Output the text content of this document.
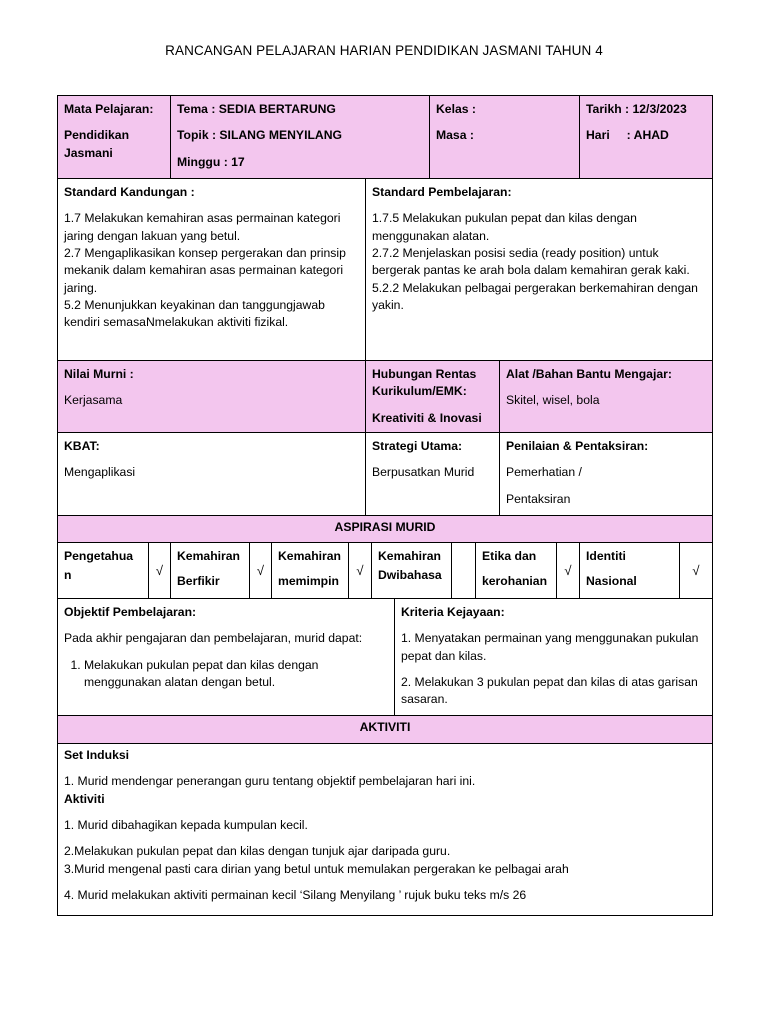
RANCANGAN PELAJARAN HARIAN PENDIDIKAN JASMANI TAHUN 4

Mata Pelajaran:

Pendidikan Jasmani

Tema : SEDIA BERTARUNG

Topik : SILANG MENYILANG

Minggu : 17

Kelas :

Masa :

Tarikh : 12/3/2023

Hari : AHAD

Standard Kandungan :

1.7 Melakukan kemahiran asas permainan kategori jaring dengan lakuan yang betul.

2.7 Mengaplikasikan konsep pergerakan dan prinsip mekanik dalam kemahiran asas permainan kategori jaring.

5.2 Menunjukkan keyakinan dan tanggungjawab kendiri semasaNmelakukan aktiviti fizikal.

Standard Pembelajaran:

1.7.5 Melakukan pukulan pepat dan kilas dengan menggunakan alatan.

2.7.2 Menjelaskan posisi sedia (ready position) untuk bergerak pantas ke arah bola dalam kemahiran gerak kaki.

5.2.2 Melakukan pelbagai pergerakan berkemahiran dengan yakin.

Nilai Murni :

Kerjasama

Hubungan Rentas Kurikulum/EMK:

Kreativiti & Inovasi

Alat /Bahan Bantu Mengajar:

Skitel, wisel, bola

KBAT:

Mengaplikasi

Strategi Utama:

Berpusatkan Murid

Penilaian & Pentaksiran:

Pemerhatian /

Pentaksiran

ASPIRASI MURID
Pengetahua
n	√
Kemahiran
Berfikir
√
Kemahiran
memimpin
√
Kemahiran
Dwibahasa
Etika dan
kerohanian
√
Identiti
Nasional
√

Objektif Pembelajaran:

Pada akhir pengajaran dan pembelajaran, murid dapat:

1. Melakukan pukulan pepat dan kilas dengan menggunakan alatan dengan betul.

Kriteria Kejayaan:

1. Menyatakan permainan yang menggunakan pukulan pepat dan kilas.

2. Melakukan 3 pukulan pepat dan kilas di atas garisan sasaran.

AKTIVITI

Set Induksi

1. Murid mendengar penerangan guru tentang objektif pembelajaran hari ini.

Aktiviti

1. Murid dibahagikan kepada kumpulan kecil.

2.Melakukan pukulan pepat dan kilas dengan tunjuk ajar daripada guru.

3.Murid mengenal pasti cara dirian yang betul untuk memulakan pergerakan ke pelbagai arah

4. Murid melakukan aktiviti permainan kecil ‘Silang Menyilang ’ rujuk buku teks m/s 26
